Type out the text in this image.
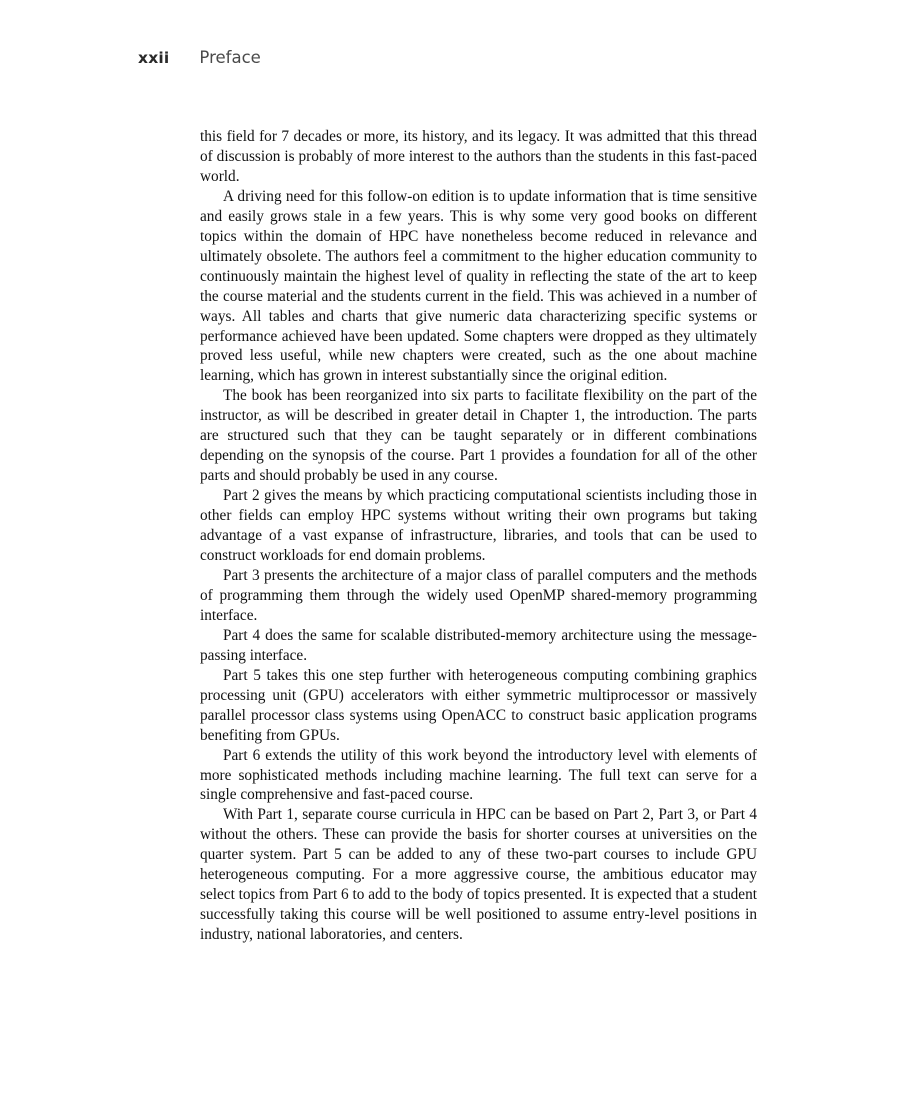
xxii Preface

this field for 7 decades or more, its history, and its legacy. It was admitted that this thread of discussion is probably of more interest to the authors than the students in this fast-paced world.

A driving need for this follow-on edition is to update information that is time sensitive and easily grows stale in a few years. This is why some very good books on different topics within the domain of HPC have nonetheless become reduced in relevance and ultimately obsolete. The authors feel a commitment to the higher education community to continuously maintain the highest level of quality in reflecting the state of the art to keep the course material and the students current in the field. This was achieved in a number of ways. All tables and charts that give numeric data characterizing specific systems or performance achieved have been updated. Some chapters were dropped as they ultimately proved less useful, while new chapters were created, such as the one about machine learning, which has grown in interest substantially since the original edition.

The book has been reorganized into six parts to facilitate flexibility on the part of the instructor, as will be described in greater detail in Chapter 1, the introduction. The parts are structured such that they can be taught separately or in different combinations depending on the synopsis of the course. Part 1 provides a foundation for all of the other parts and should probably be used in any course.

Part 2 gives the means by which practicing computational scientists including those in other fields can employ HPC systems without writing their own programs but taking advantage of a vast expanse of infrastructure, libraries, and tools that can be used to construct workloads for end domain problems.

Part 3 presents the architecture of a major class of parallel computers and the methods of programming them through the widely used OpenMP shared-memory programming interface.

Part 4 does the same for scalable distributed-memory architecture using the message-passing interface.

Part 5 takes this one step further with heterogeneous computing combining graphics processing unit (GPU) accelerators with either symmetric multiprocessor or massively parallel processor class systems using OpenACC to construct basic application programs benefiting from GPUs.

Part 6 extends the utility of this work beyond the introductory level with elements of more sophisticated methods including machine learning. The full text can serve for a single comprehensive and fast-paced course.

With Part 1, separate course curricula in HPC can be based on Part 2, Part 3, or Part 4 without the others. These can provide the basis for shorter courses at universities on the quarter system. Part 5 can be added to any of these two-part courses to include GPU heterogeneous computing. For a more aggressive course, the ambitious educator may select topics from Part 6 to add to the body of topics presented. It is expected that a student successfully taking this course will be well positioned to assume entry-level positions in industry, national laboratories, and centers.
